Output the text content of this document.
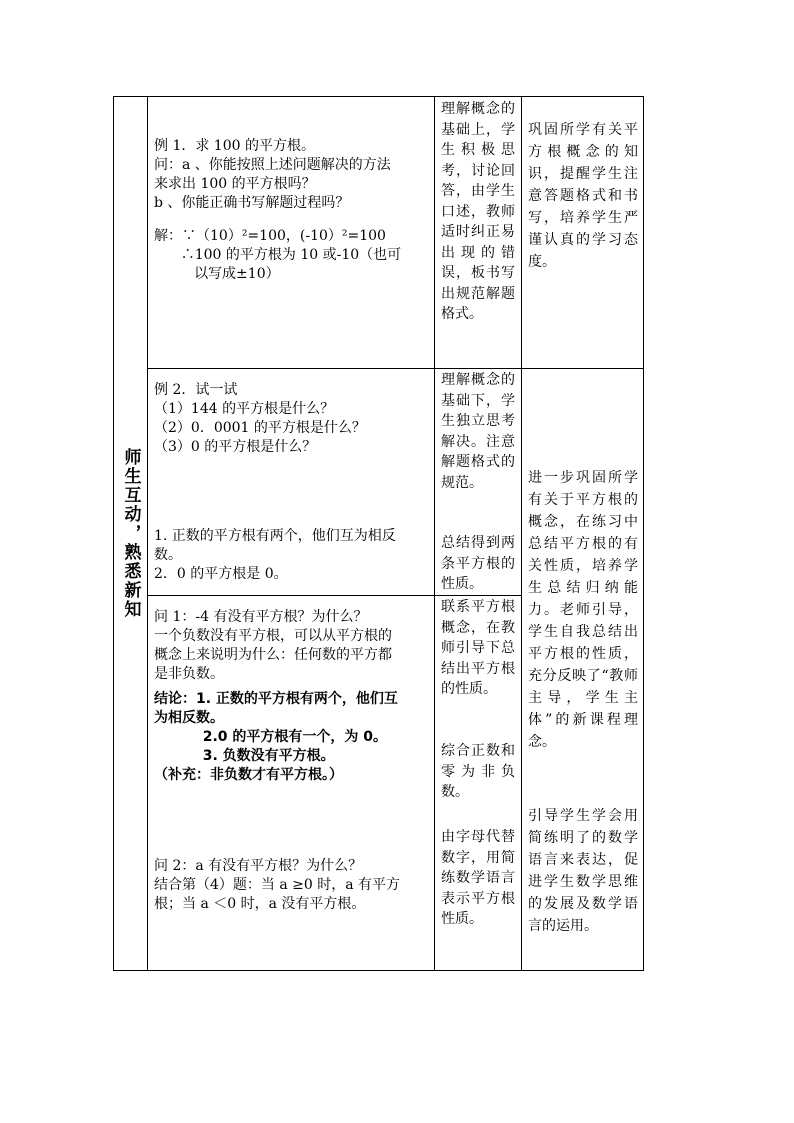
师生互动，熟悉新知

例 1．求 100 的平方根。

问：a 、你能按照上述问题解决的方法

来求出 100 的平方根吗？

b 、你能正确书写解题过程吗？

解：∵（10）²=100，(-10）²=100

∴100 的平方根为 10 或-10（也可

以写成±10）

理解概念的基础上，学生积极思考，讨论回答，由学生口述，教师适时纠正易出现的错误，板书写出规范解题格式。
巩固所学有关平方根概念的知识，提醒学生注意答题格式和书写，培养学生严谨认真的学习态度。

例 2．试一试

（1）144 的平方根是什么？

（2）0．0001 的平方根是什么？

（3）0 的平方根是什么？

1. 正数的平方根有两个，他们互为相反

数。

2．0 的平方根是 0。

理解概念的基础下，学生独立思考解决。注意解题格式的规范。
总结得到两条平方根的性质。
进一步巩固所学有关于平方根的概念，在练习中总结平方根的有关性质，培养学生总结归纳能力。老师引导，学生自我总结出平方根的性质，充分反映了“教师主导，学生主体”的新课程理念。
引导学生学会用简练明了的数学语言来表达，促进学生数学思维的发展及数学语言的运用。

问 1：-4 有没有平方根？为什么？

一个负数没有平方根，可以从平方根的

概念上来说明为什么：任何数的平方都

是非负数。

结论：1. 正数的平方根有两个，他们互

为相反数。

2.0 的平方根有一个，为 0。

3. 负数没有平方根。

（补充：非负数才有平方根。）

问 2：a 有没有平方根？为什么？

结合第（4）题：当 a ≥0 时，a 有平方

根；当 a ＜0 时，a 没有平方根。

联系平方根概念，在教师引导下总结出平方根的性质。
综合正数和零为非负数。
由字母代替数字，用简练数学语言表示平方根性质。
